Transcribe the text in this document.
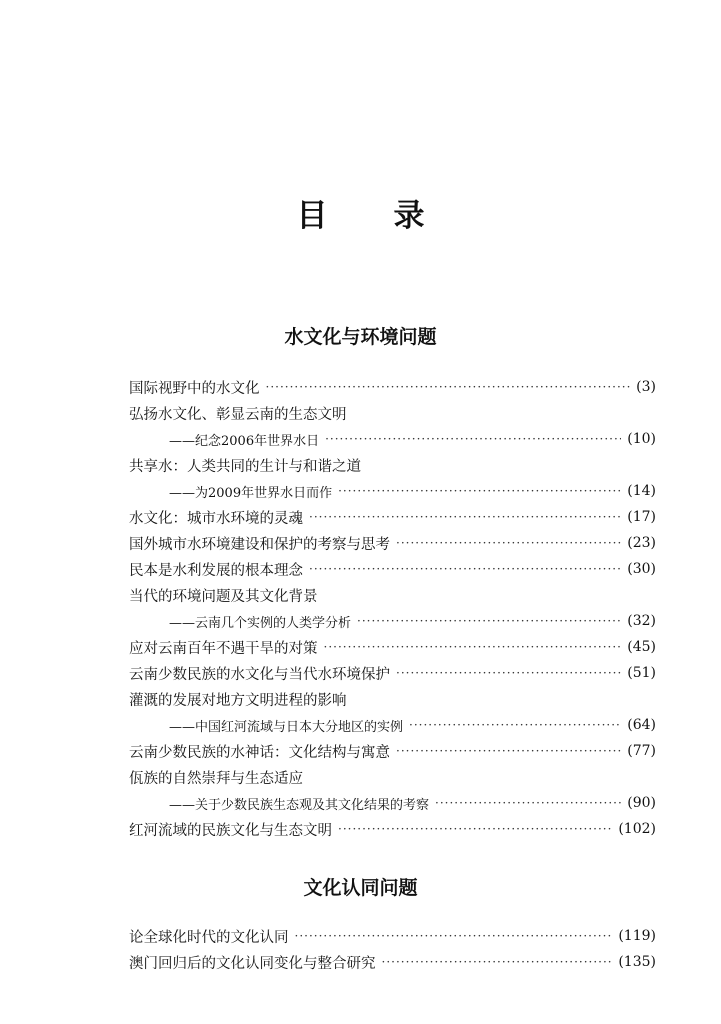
目 录
水文化与环境问题
国际视野中的水文化 ·····	(3)
弘扬水文化、彰显云南的生态文明
——纪念2006年世界水日 ·····	(10)
共享水：人类共同的生计与和谐之道
——为2009年世界水日而作 ·····	(14)
水文化：城市水环境的灵魂 ·····	(17)
国外城市水环境建设和保护的考察与思考 ·····	(23)
民本是水利发展的根本理念 ·····	(30)
当代的环境问题及其文化背景
——云南几个实例的人类学分析 ·····	(32)
应对云南百年不遇干旱的对策 ·····	(45)
云南少数民族的水文化与当代水环境保护 ·····	(51)
灌溉的发展对地方文明进程的影响
——中国红河流域与日本大分地区的实例 ·····	(64)
云南少数民族的水神话：文化结构与寓意 ·····	(77)
佤族的自然崇拜与生态适应
——关于少数民族生态观及其文化结果的考察 ·····	(90)
红河流域的民族文化与生态文明 ·····	(102)
文化认同问题
论全球化时代的文化认同 ·····	(119)
澳门回归后的文化认同变化与整合研究 ·····	(135)
